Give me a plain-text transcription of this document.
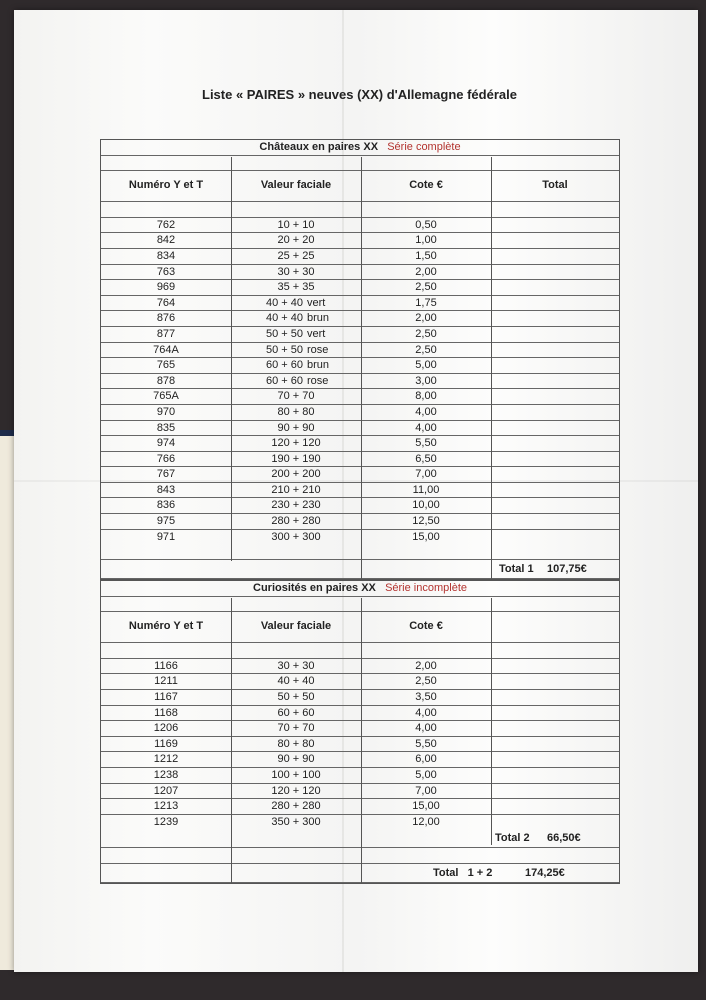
Liste « PAIRES » neuves (XX) d'Allemagne fédérale
Châteaux en paires XX Série complète
Numéro Y et T	Valeur faciale	Cote €	Total
762	10 + 10	0,50
842	20 + 20	1,00
834	25 + 25	1,50
763	30 + 30	2,00
969	35 + 35	2,50
764	40 + 40 vert	1,75
876	40 + 40 brun	2,00
877	50 + 50 vert	2,50
764A	50 + 50 rose	2,50
765	60 + 60 brun	5,00
878	60 + 60 rose	3,00
765A	70 + 70	8,00
970	80 + 80	4,00
835	90 + 90	4,00
974	120 + 120	5,50
766	190 + 190	6,50
767	200 + 200	7,00
843	210 + 210	11,00
836	230 + 230	10,00
975	280 + 280	12,50
971	300 + 300	15,00
Total 1 107,75€
Curiosités en paires XX Série incomplète
Numéro Y et T	Valeur faciale	Cote €
1166	30 + 30	2,00
1211	40 + 40	2,50
1167	50 + 50	3,50
1168	60 + 60	4,00
1206	70 + 70	4,00
1169	80 + 80	5,50
1212	90 + 90	6,00
1238	100 + 100	5,00
1207	120 + 120	7,00
1213	280 + 280	15,00
1239	350 + 300	12,00
Total 2 66,50€
Total   1 + 2	174,25€
